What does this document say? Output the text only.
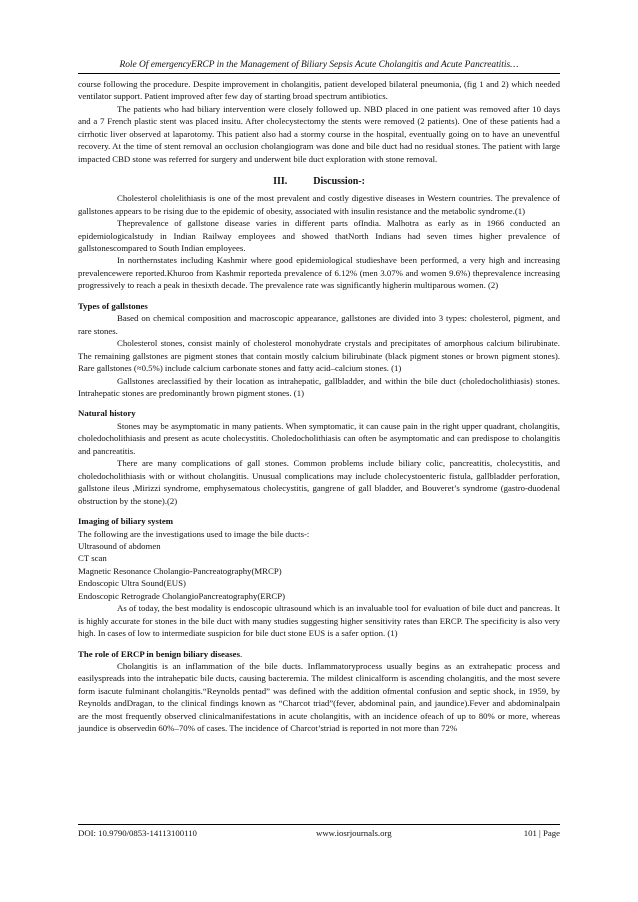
Role Of emergencyERCP in the Management of Biliary Sepsis Acute Cholangitis and Acute Pancreatitis…

course following the procedure. Despite improvement in cholangitis, patient developed bilateral pneumonia, (fig 1 and 2) which needed ventilator support. Patient improved after few day of starting broad spectrum antibiotics.

The patients who had biliary intervention were closely followed up. NBD placed in one patient was removed after 10 days and a 7 French plastic stent was placed insitu. After cholecystectomy the stents were removed (2 patients). One of these patients had a cirrhotic liver observed at laparotomy. This patient also had a stormy course in the hospital, eventually going on to have an uneventful recovery. At the time of stent removal an occlusion cholangiogram was done and bile duct had no residual stones. The patient with large impacted CBD stone was referred for surgery and underwent bile duct exploration with stone removal.

III.	Discussion-:

Cholesterol cholelithiasis is one of the most prevalent and costly digestive diseases in Western countries. The prevalence of gallstones appears to be rising due to the epidemic of obesity, associated with insulin resistance and the metabolic syndrome.(1)

Theprevalence of gallstone disease varies in different parts ofIndia. Malhotra as early as in 1966 conducted an epidemiologicalstudy in Indian Railway employees and showed thatNorth Indians had seven times higher prevalence of gallstonescompared to South Indian employees.

In northernstates including Kashmir where good epidemiological studieshave been performed, a very high and increasing prevalencewere reported.Khuroo from Kashmir reporteda prevalence of 6.12% (men 3.07% and women 9.6%) theprevalence increasing progressively to reach a peak in thesixth decade. The prevalence rate was significantly higherin multiparous women. (2)

Types of gallstones

Based on chemical composition and macroscopic appearance, gallstones are divided into 3 types: cholesterol, pigment, and rare stones.

Cholesterol stones, consist mainly of cholesterol monohydrate crystals and precipitates of amorphous calcium bilirubinate. The remaining gallstones are pigment stones that contain mostly calcium bilirubinate (black pigment stones or brown pigment stones). Rare gallstones (≈0.5%) include calcium carbonate stones and fatty acid–calcium stones. (1)

Gallstones areclassified by their location as intrahepatic, gallbladder, and within the bile duct (choledocholithiasis) stones. Intrahepatic stones are predominantly brown pigment stones. (1)

Natural history

Stones may be asymptomatic in many patients. When symptomatic, it can cause pain in the right upper quadrant, cholangitis, choledocholithiasis and present as acute cholecystitis. Choledocholithiasis can often be asymptomatic and can predispose to cholangitis and pancreatitis.

There are many complications of gall stones. Common problems include biliary colic, pancreatitis, cholecystitis, and choledocholithiasis with or without cholangitis. Unusual complications may include cholecystoenteric fistula, gallbladder perforation, gallstone ileus ,Mirizzi syndrome, emphysematous cholecystitis, gangrene of gall bladder, and Bouveret’s syndrome (gastro-duodenal obstruction by the stone).(2)

Imaging of biliary system

The following are the investigations used to image the bile ducts-:

Ultrasound of abdomen

CT scan

Magnetic Resonance Cholangio-Pancreatography(MRCP)

Endoscopic Ultra Sound(EUS)

Endoscopic Retrograde CholangioPancreatography(ERCP)

As of today, the best modality is endoscopic ultrasound which is an invaluable tool for evaluation of bile duct and pancreas. It is highly accurate for stones in the bile duct with many studies suggesting higher sensitivity rates than ERCP. The specificity is also very high. In cases of low to intermediate suspicion for bile duct stone EUS is a safer option. (1)

The role of ERCP in benign biliary diseases.

Cholangitis is an inflammation of the bile ducts. Inflammatoryprocess usually begins as an extrahepatic process and easilyspreads into the intrahepatic bile ducts, causing bacteremia. The mildest clinicalform is ascending cholangitis, and the most severe form isacute fulminant cholangitis.“Reynolds pentad” was defined with the addition ofmental confusion and septic shock, in 1959, by Reynolds andDragan, to the clinical findings known as “Charcot triad”(fever, abdominal pain, and jaundice).Fever and abdominalpain are the most frequently observed clinicalmanifestations in acute cholangitis, with an incidence ofeach of up to 80% or more, whereas jaundice is observedin 60%–70% of cases. The incidence of Charcot’striad is reported in not more than 72%

DOI: 10.9790/0853-14113100110	www.iosrjournals.org	101 | Page
